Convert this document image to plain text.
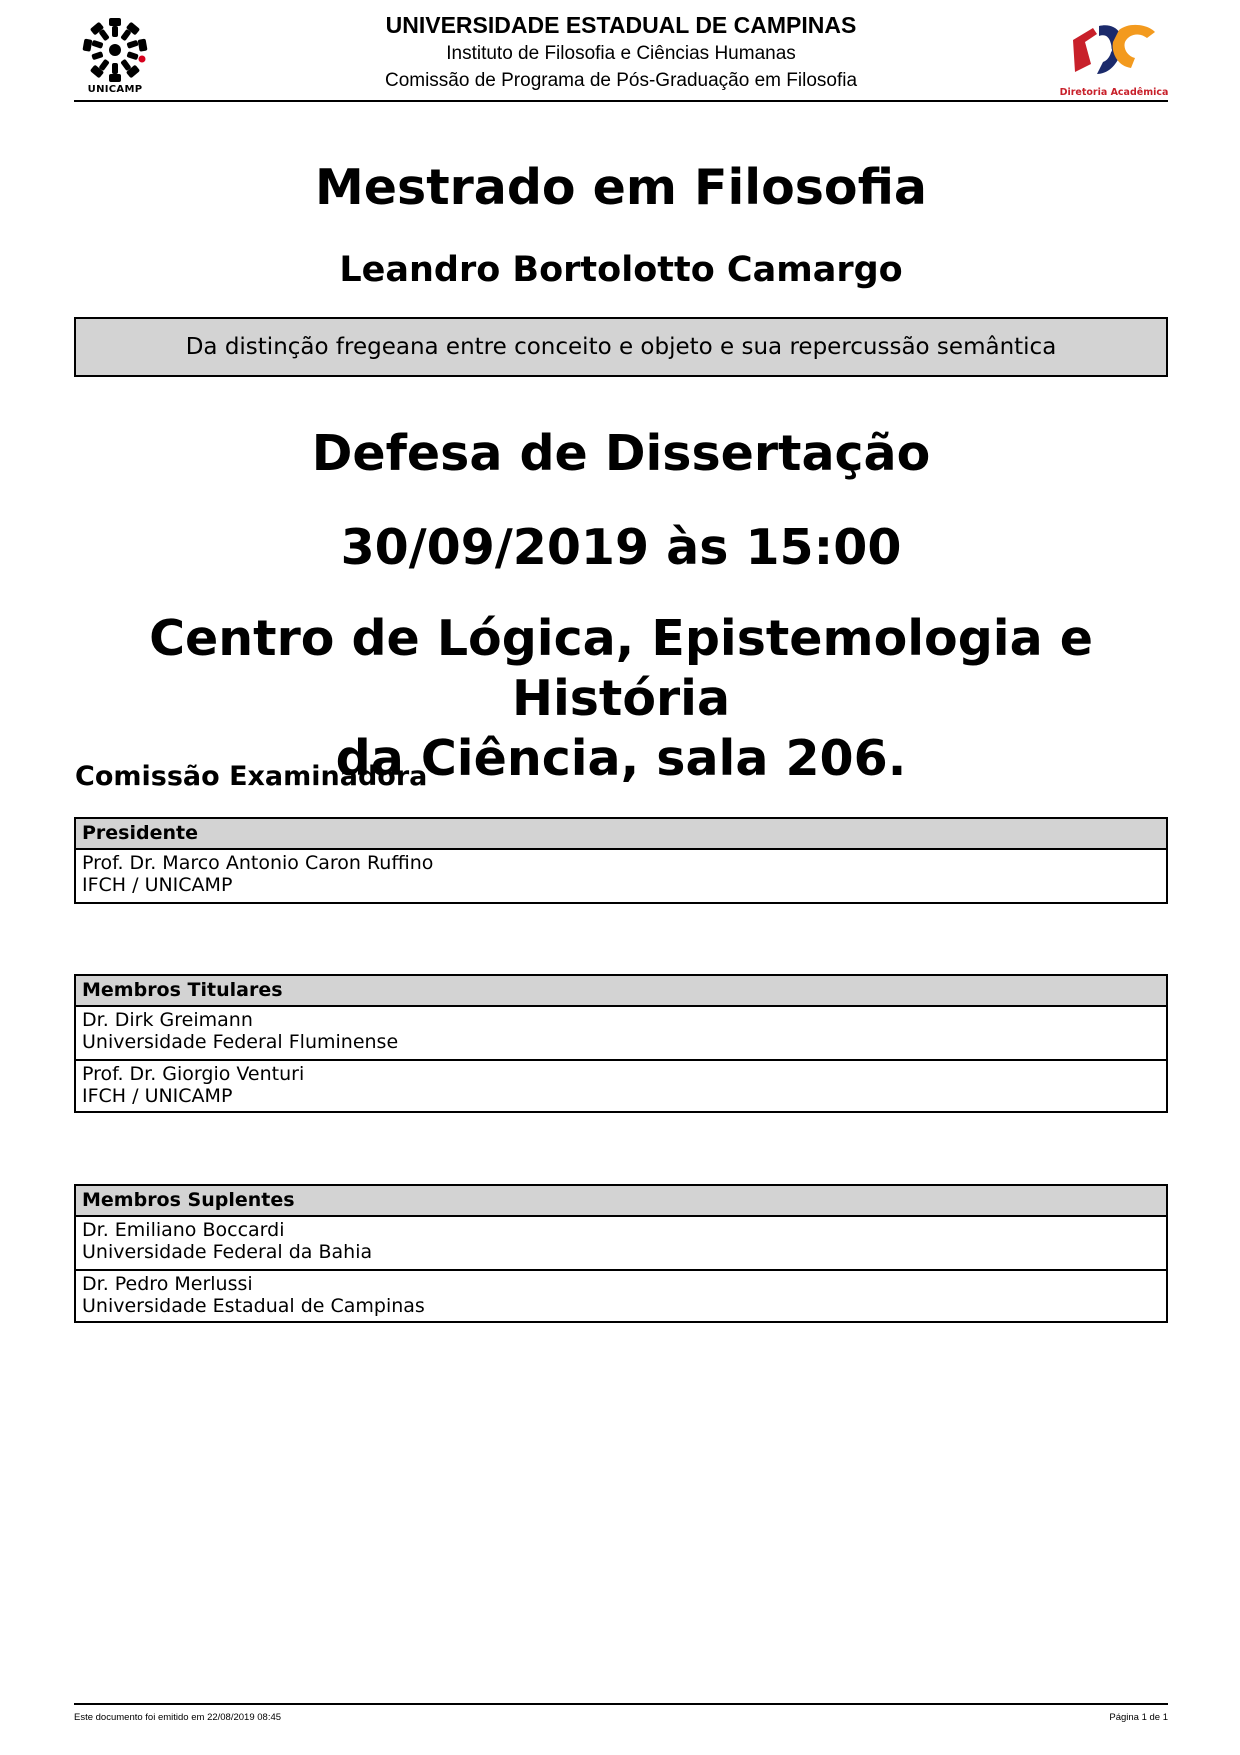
UNICAMP
UNIVERSIDADE ESTADUAL DE CAMPINAS
Instituto de Filosofia e Ciências Humanas
Comissão de Programa de Pós-Graduação em Filosofia
Diretoria Acadêmica
Mestrado em Filosofia
Leandro Bortolotto Camargo
Da distinção fregeana entre conceito e objeto e sua repercussão semântica
Defesa de Dissertação
30/09/2019 às 15:00
Centro de Lógica, Epistemologia e História
da Ciência, sala 206.
Comissão Examinadora
Presidente
Prof. Dr. Marco Antonio Caron Ruffino
IFCH / UNICAMP
Membros Titulares
Dr. Dirk Greimann
Universidade Federal Fluminense
Prof. Dr. Giorgio Venturi
IFCH / UNICAMP
Membros Suplentes
Dr. Emiliano Boccardi
Universidade Federal da Bahia
Dr. Pedro Merlussi
Universidade Estadual de Campinas
Este documento foi emitido em 22/08/2019 08:45	Página 1 de 1
